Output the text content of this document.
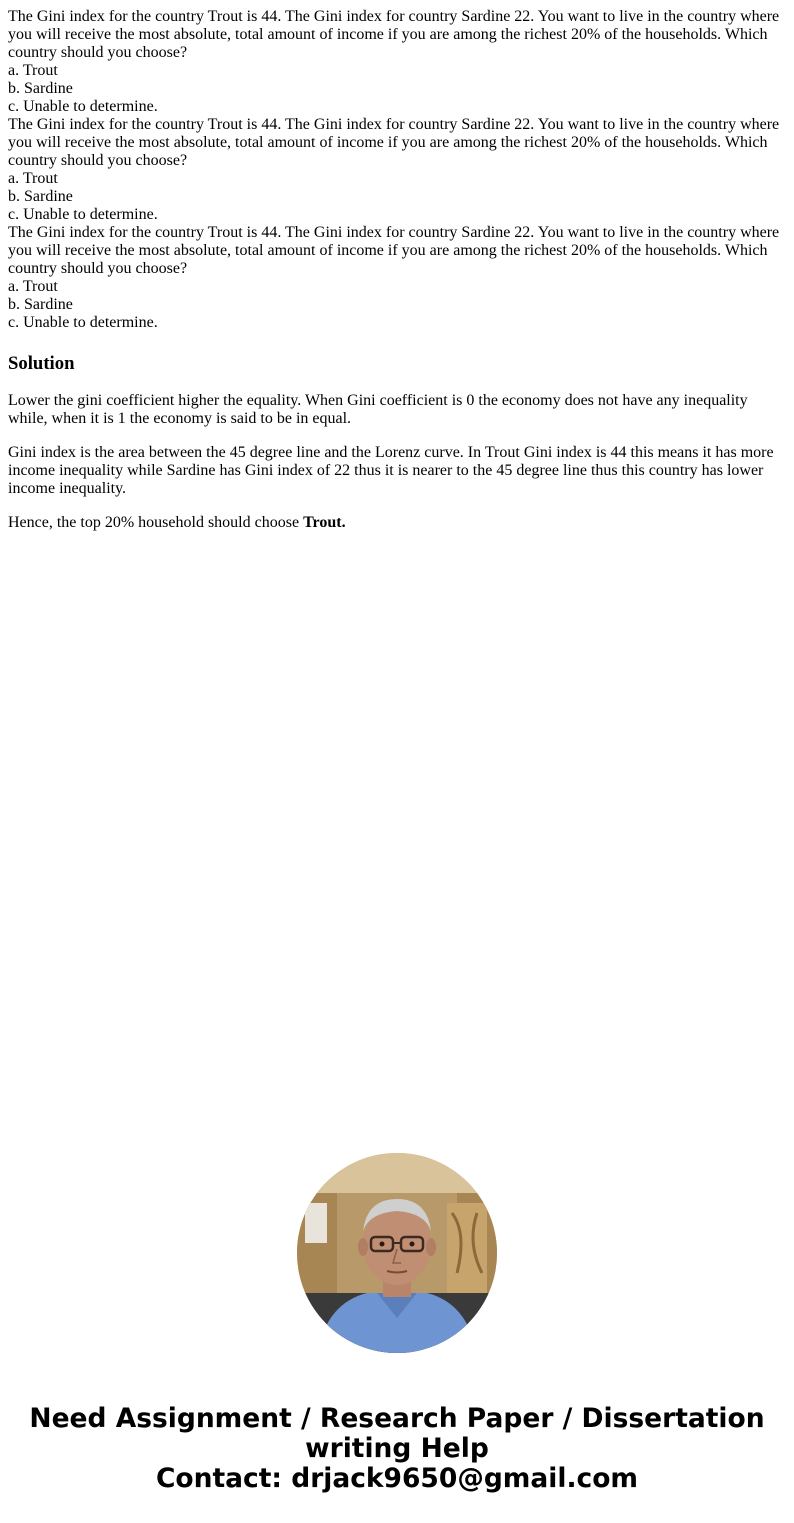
The Gini index for the country Trout is 44. The Gini index for country Sardine 22. You want to live in the country where you will receive the most absolute, total amount of income if you are among the richest 20% of the households. Which country should you choose?

a. Trout

b. Sardine

c. Unable to determine.

The Gini index for the country Trout is 44. The Gini index for country Sardine 22. You want to live in the country where you will receive the most absolute, total amount of income if you are among the richest 20% of the households. Which country should you choose?

a. Trout

b. Sardine

c. Unable to determine.

The Gini index for the country Trout is 44. The Gini index for country Sardine 22. You want to live in the country where you will receive the most absolute, total amount of income if you are among the richest 20% of the households. Which country should you choose?

a. Trout

b. Sardine

c. Unable to determine.

Solution

Lower the gini coefficient higher the equality. When Gini coefficient is 0 the economy does not have any inequality while, when it is 1 the economy is said to be in equal.

Gini index is the area between the 45 degree line and the Lorenz curve. In Trout Gini index is 44 this means it has more income inequality while Sardine has Gini index of 22 thus it is nearer to the 45 degree line thus this country has lower income inequality.

Hence, the top 20% household should choose Trout.

Need Assignment / Research Paper / Dissertation
writing Help
Contact: drjack9650@gmail.com
